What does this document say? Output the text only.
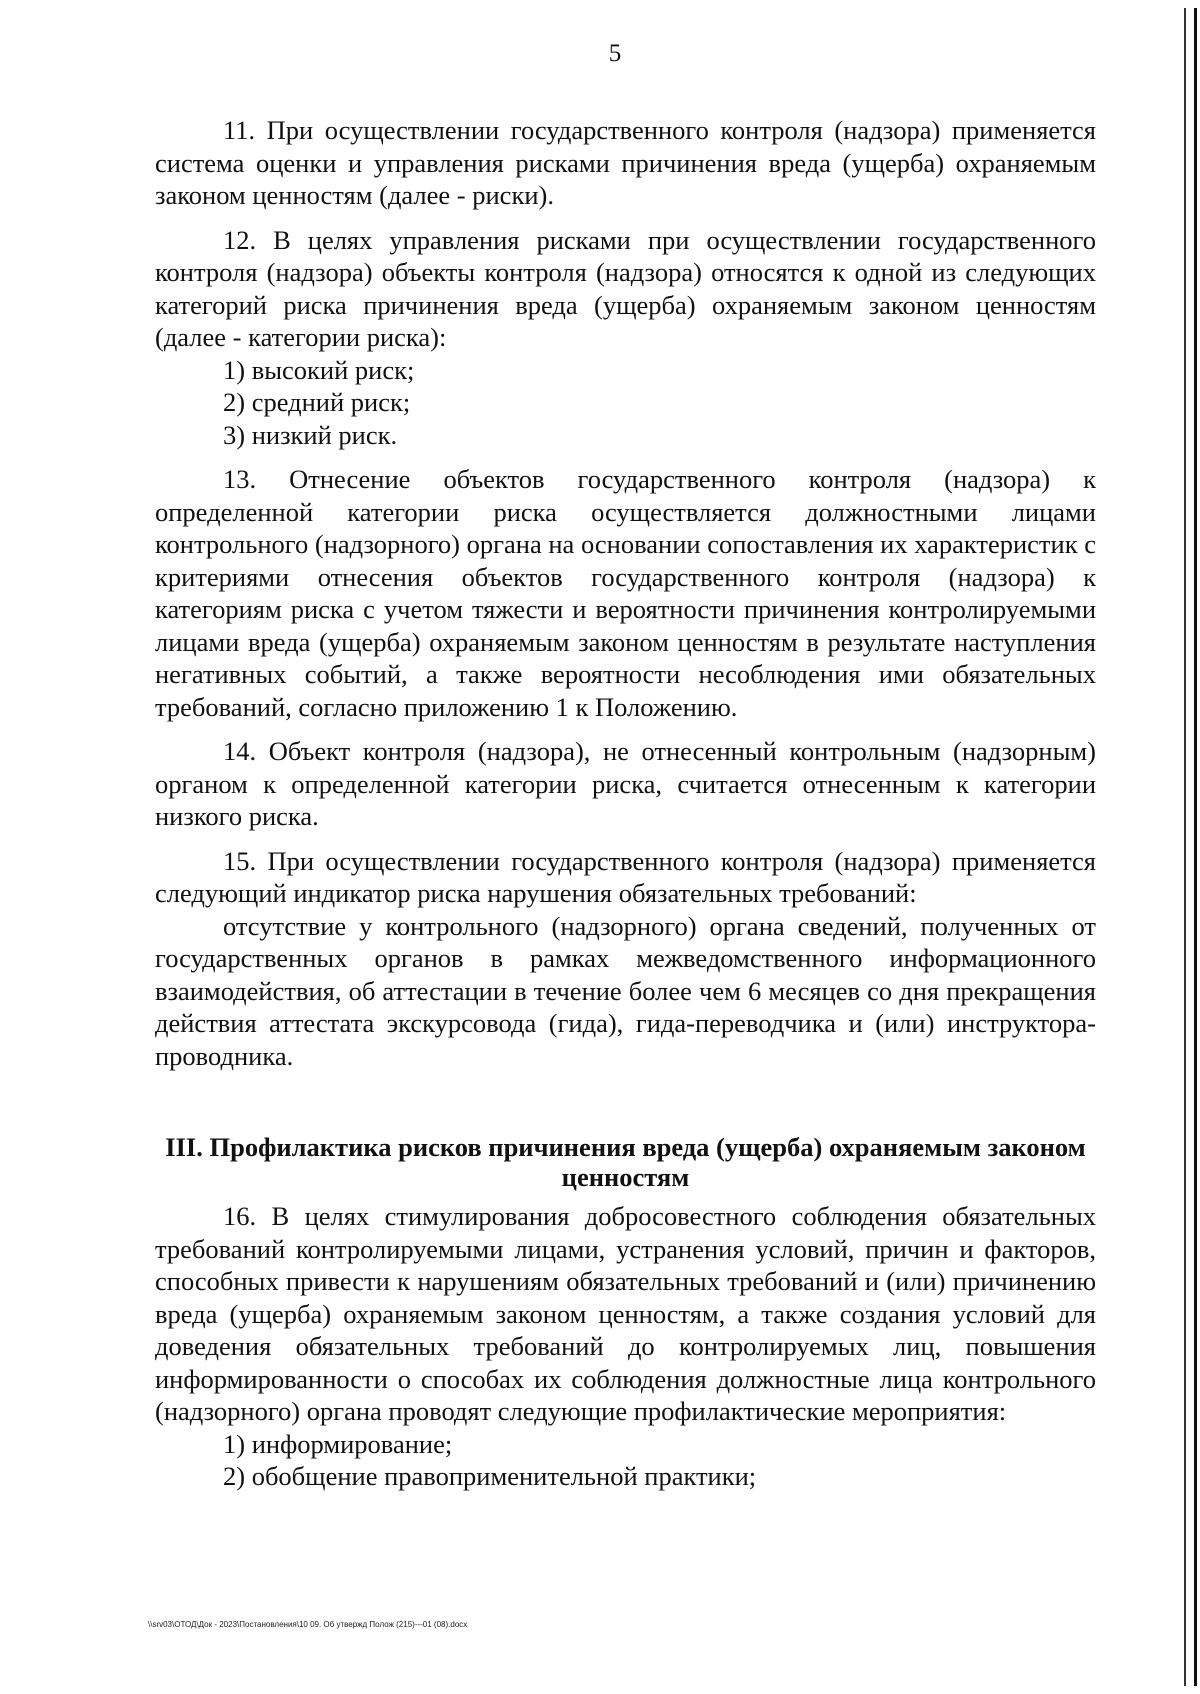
5

11. При осуществлении государственного контроля (надзора) применяется система оценки и управления рисками причинения вреда (ущерба) охраняемым законом ценностям (далее - риски).

12. В целях управления рисками при осуществлении государственного контроля (надзора) объекты контроля (надзора) относятся к одной из следующих категорий риска причинения вреда (ущерба) охраняемым законом ценностям (далее - категории риска):

1) высокий риск;
2) средний риск;
3) низкий риск.

13. Отнесение объектов государственного контроля (надзора) к определенной категории риска осуществляется должностными лицами контрольного (надзорного) органа на основании сопоставления их характеристик с критериями отнесения объектов государственного контроля (надзора) к категориям риска с учетом тяжести и вероятности причинения контролируемыми лицами вреда (ущерба) охраняемым законом ценностям в результате наступления негативных событий, а также вероятности несоблюдения ими обязательных требований, согласно приложению 1 к Положению.

14. Объект контроля (надзора), не отнесенный контрольным (надзорным) органом к определенной категории риска, считается отнесенным к категории низкого риска.

15. При осуществлении государственного контроля (надзора) применяется следующий индикатор риска нарушения обязательных требований:

отсутствие у контрольного (надзорного) органа сведений, полученных от государственных органов в рамках межведомственного информационного взаимодействия, об аттестации в течение более чем 6 месяцев со дня прекращения действия аттестата экскурсовода (гида), гида-переводчика и (или) инструктора-проводника.

III. Профилактика рисков причинения вреда (ущерба) охраняемым законом ценностям

16. В целях стимулирования добросовестного соблюдения обязательных требований контролируемыми лицами, устранения условий, причин и факторов, способных привести к нарушениям обязательных требований и (или) причинению вреда (ущерба) охраняемым законом ценностям, а также создания условий для доведения обязательных требований до контролируемых лиц, повышения информированности о способах их соблюдения должностные лица контрольного (надзорного) органа проводят следующие профилактические мероприятия:

1) информирование;
2) обобщение правоприменительной практики;
\\srv03\ОТОД\Док - 2023\Постановления\10 09. Об утвержд Полож (215)---01 (08).docx
